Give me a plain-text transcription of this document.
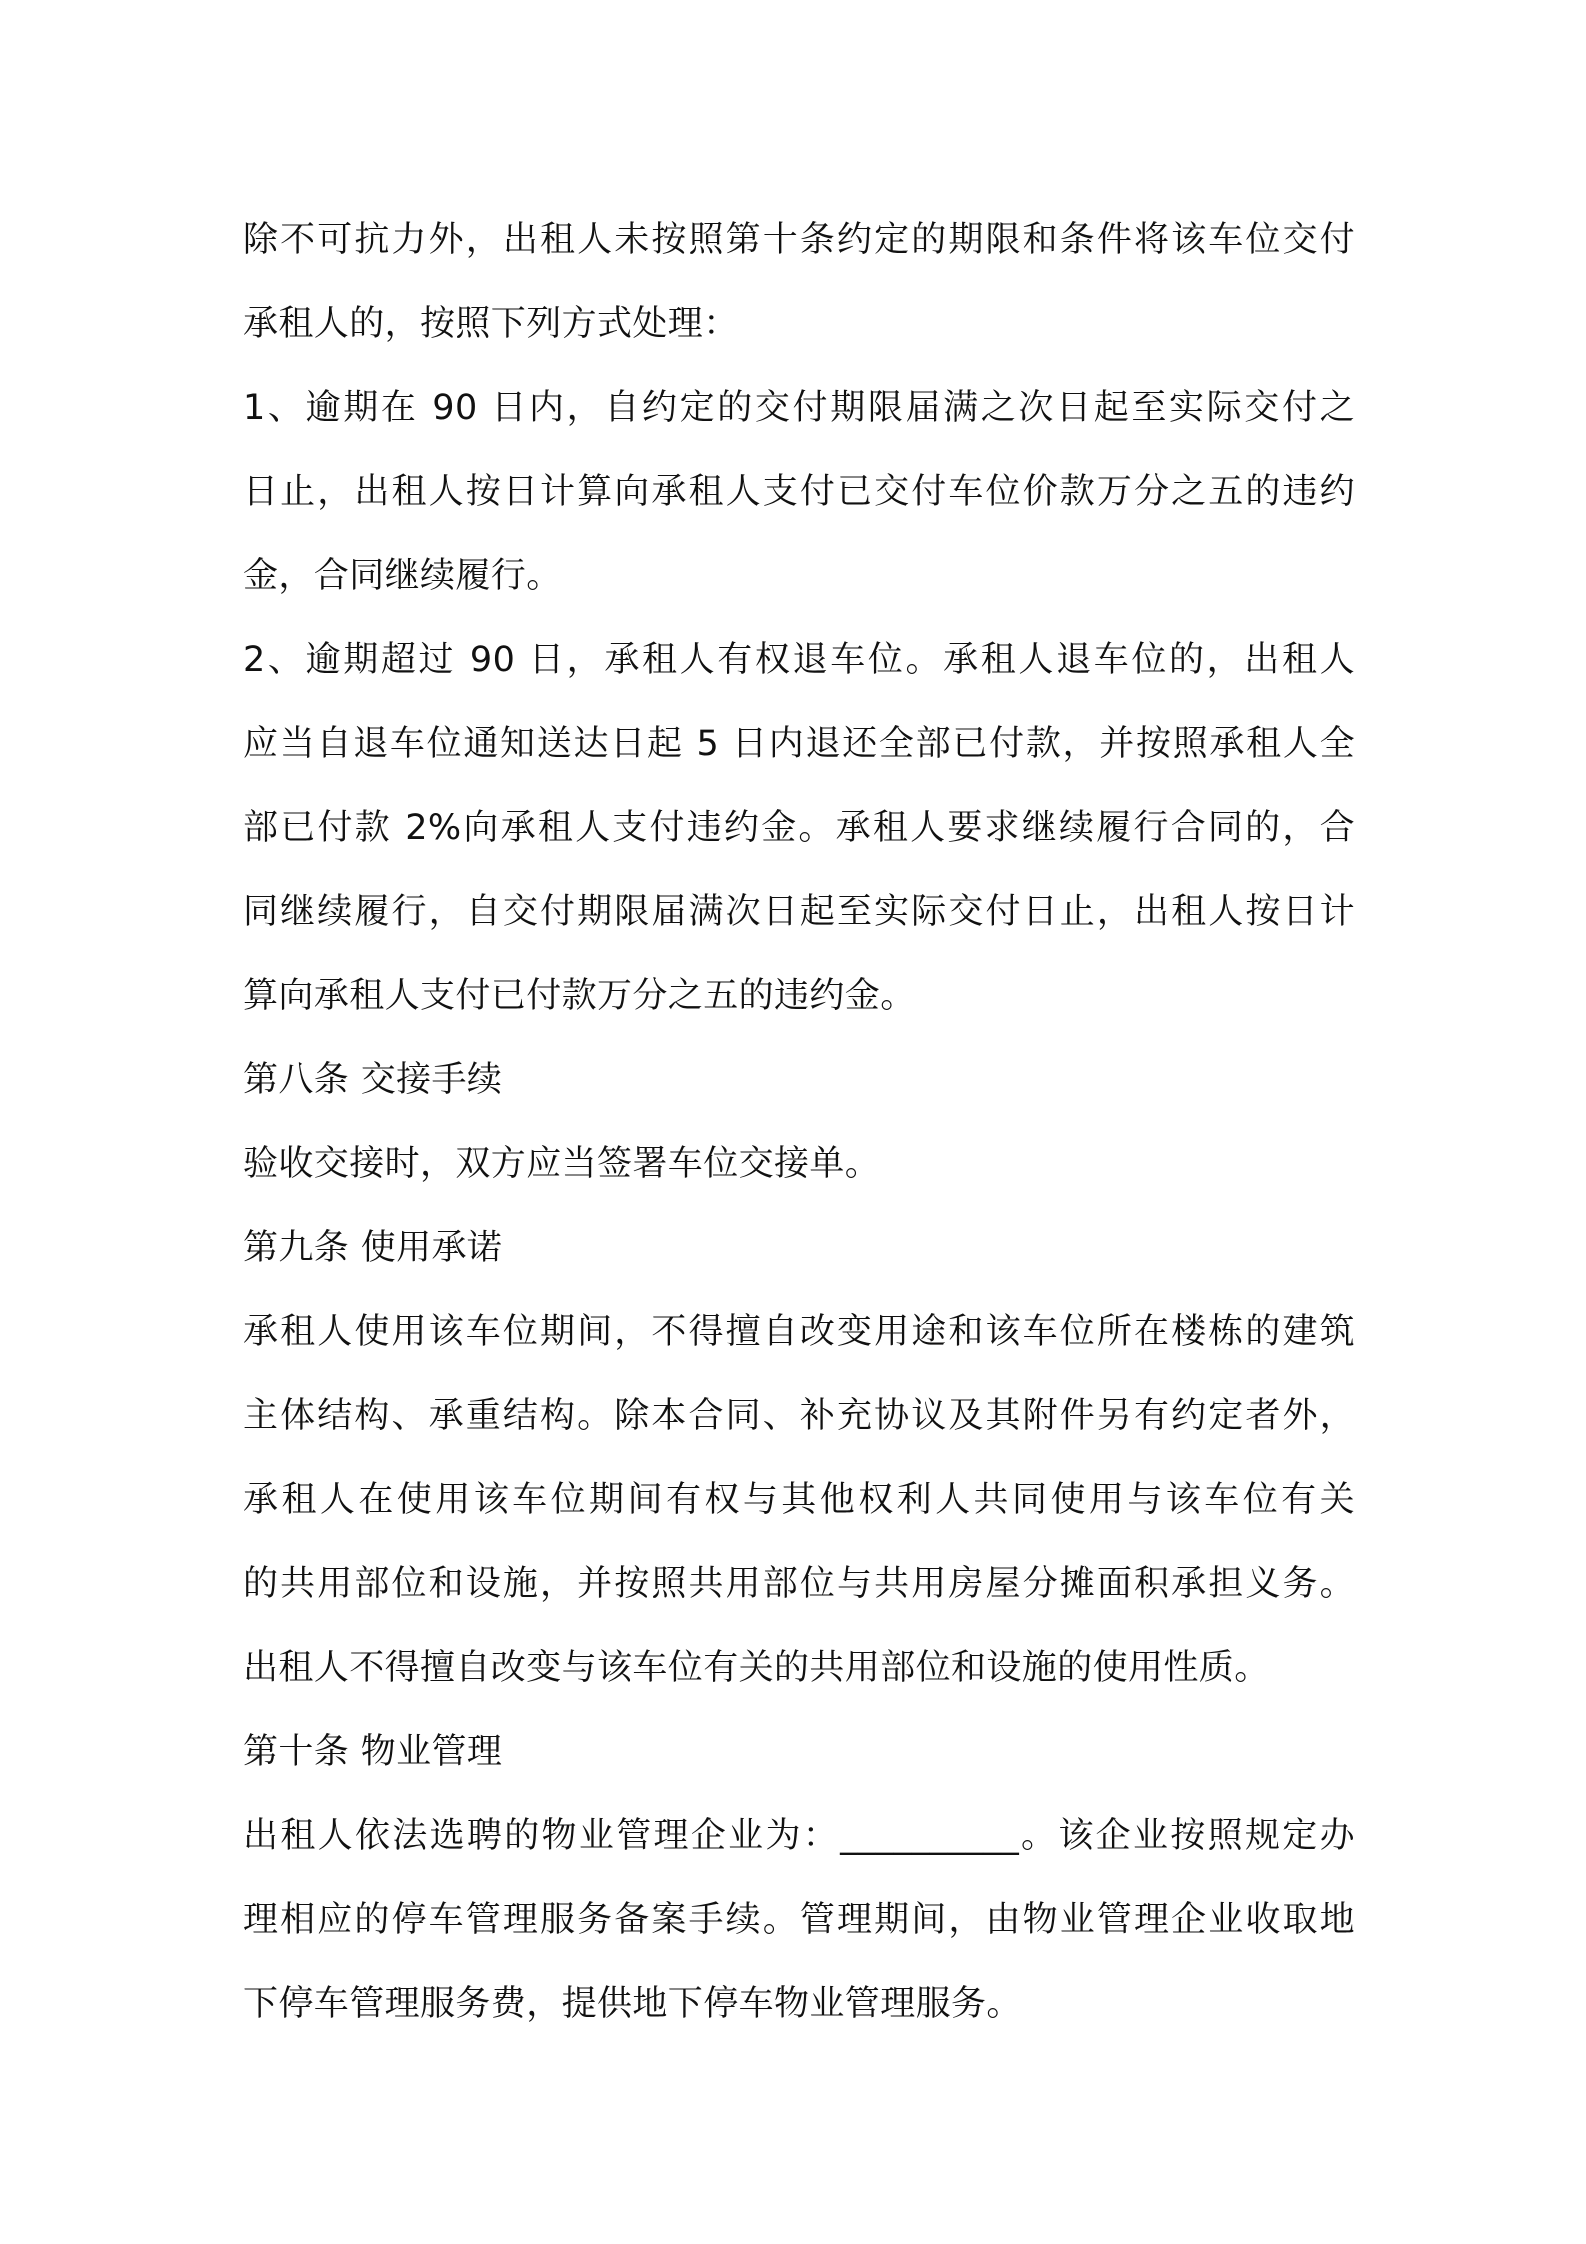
除不可抗力外，出租人未按照第十条约定的期限和条件将该车位交付
承租人的，按照下列方式处理：
1、逾期在 90 日内，自约定的交付期限届满之次日起至实际交付之
日止，出租人按日计算向承租人支付已交付车位价款万分之五的违约
金，合同继续履行。
2、逾期超过 90 日，承租人有权退车位。承租人退车位的，出租人
应当自退车位通知送达日起 5 日内退还全部已付款，并按照承租人全
部已付款 2%向承租人支付违约金。承租人要求继续履行合同的，合
同继续履行，自交付期限届满次日起至实际交付日止，出租人按日计
算向承租人支付已付款万分之五的违约金。
第八条 交接手续
验收交接时，双方应当签署车位交接单。
第九条 使用承诺
承租人使用该车位期间，不得擅自改变用途和该车位所在楼栋的建筑
主体结构、承重结构。除本合同、补充协议及其附件另有约定者外，
承租人在使用该车位期间有权与其他权利人共同使用与该车位有关
的共用部位和设施，并按照共用部位与共用房屋分摊面积承担义务。
出租人不得擅自改变与该车位有关的共用部位和设施的使用性质。
第十条 物业管理
出租人依法选聘的物业管理企业为：__________。该企业按照规定办
理相应的停车管理服务备案手续。管理期间，由物业管理企业收取地
下停车管理服务费，提供地下停车物业管理服务。
